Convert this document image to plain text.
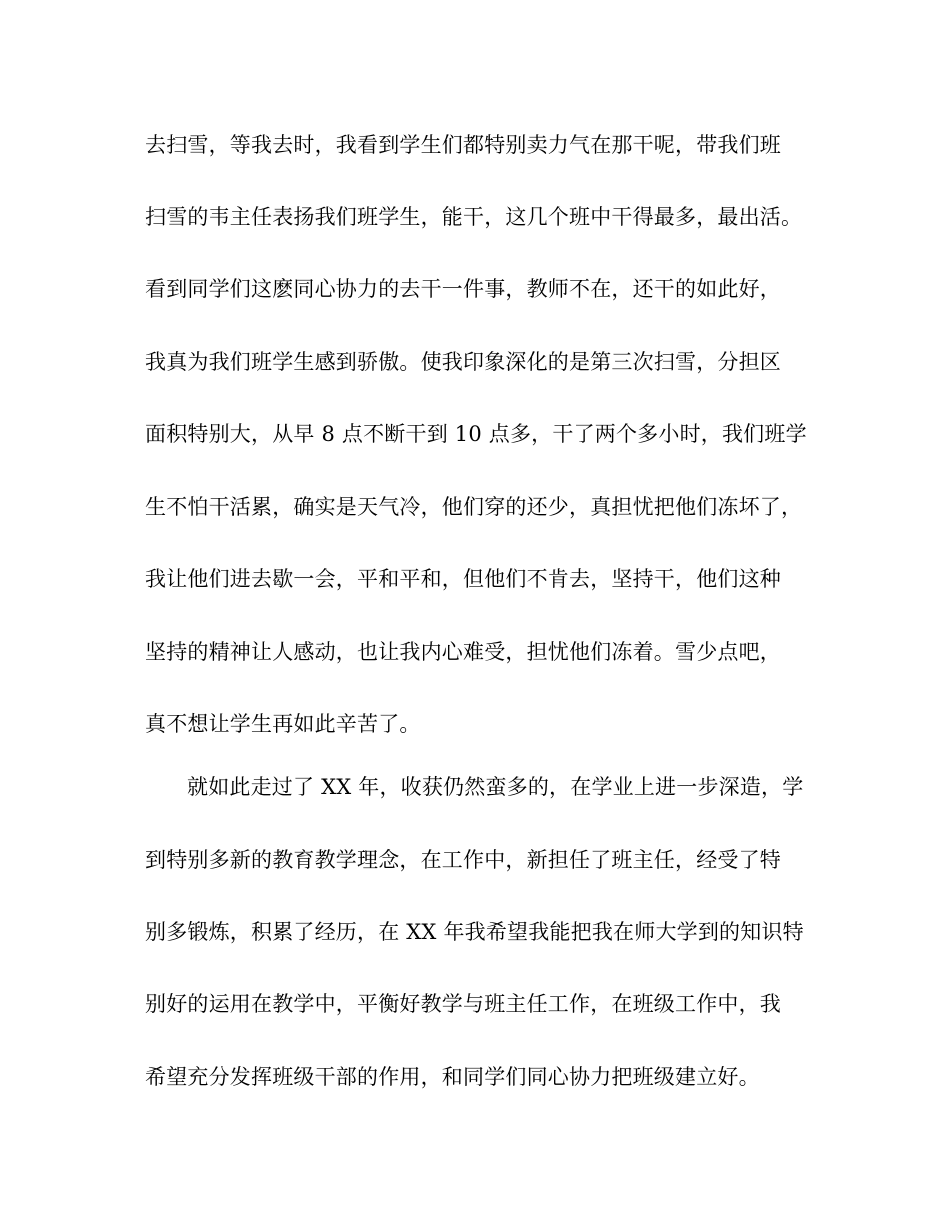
去扫雪，等我去时，我看到学生们都特别卖力气在那干呢，带我们班
扫雪的韦主任表扬我们班学生，能干，这几个班中干得最多，最出活。
看到同学们这麽同心协力的去干一件事，教师不在，还干的如此好，
我真为我们班学生感到骄傲。使我印象深化的是第三次扫雪，分担区
面积特别大，从早 8 点不断干到 10 点多，干了两个多小时，我们班学
生不怕干活累，确实是天气冷，他们穿的还少，真担忧把他们冻坏了，
我让他们进去歇一会，平和平和，但他们不肯去，坚持干，他们这种
坚持的精神让人感动，也让我内心难受，担忧他们冻着。雪少点吧，
真不想让学生再如此辛苦了。
就如此走过了 XX 年，收获仍然蛮多的，在学业上进一步深造，学
到特别多新的教育教学理念，在工作中，新担任了班主任，经受了特
别多锻炼，积累了经历，在 XX 年我希望我能把我在师大学到的知识特
别好的运用在教学中，平衡好教学与班主任工作，在班级工作中，我
希望充分发挥班级干部的作用，和同学们同心协力把班级建立好。
